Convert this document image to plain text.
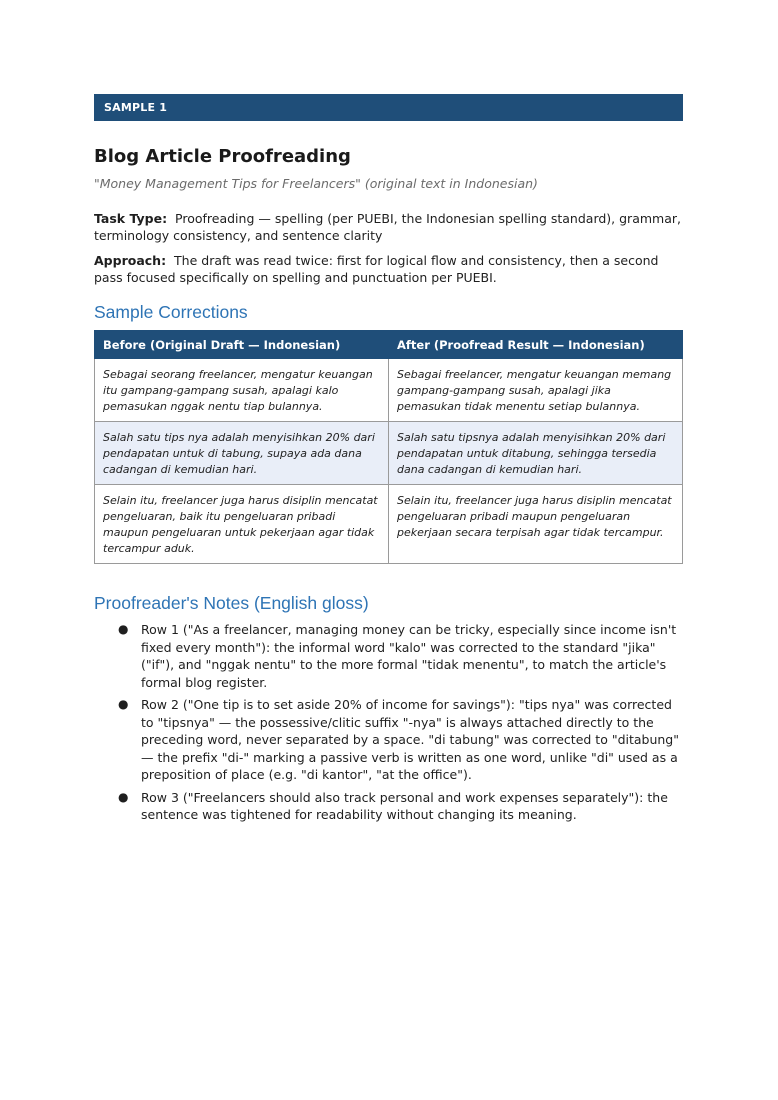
SAMPLE 1
Blog Article Proofreading

"Money Management Tips for Freelancers" (original text in Indonesian)

Task Type: Proofreading — spelling (per PUEBI, the Indonesian spelling standard), grammar, terminology consistency, and sentence clarity

Approach: The draft was read twice: first for logical flow and consistency, then a second pass focused specifically on spelling and punctuation per PUEBI.

Sample Corrections
Before (Original Draft — Indonesian)	After (Proofread Result — Indonesian)
Sebagai seorang freelancer, mengatur keuangan itu gampang-gampang susah, apalagi kalo pemasukan nggak nentu tiap bulannya.	Sebagai freelancer, mengatur keuangan memang gampang-gampang susah, apalagi jika pemasukan tidak menentu setiap bulannya.
Salah satu tips nya adalah menyisihkan 20% dari pendapatan untuk di tabung, supaya ada dana cadangan di kemudian hari.	Salah satu tipsnya adalah menyisihkan 20% dari pendapatan untuk ditabung, sehingga tersedia dana cadangan di kemudian hari.
Selain itu, freelancer juga harus disiplin mencatat pengeluaran, baik itu pengeluaran pribadi maupun pengeluaran untuk pekerjaan agar tidak tercampur aduk.	Selain itu, freelancer juga harus disiplin mencatat pengeluaran pribadi maupun pengeluaran pekerjaan secara terpisah agar tidak tercampur.
Proofreader's Notes (English gloss)
● Row 1 ("As a freelancer, managing money can be tricky, especially since income isn't fixed every month"): the informal word "kalo" was corrected to the standard "jika" ("if"), and "nggak nentu" to the more formal "tidak menentu", to match the article's formal blog register.
● Row 2 ("One tip is to set aside 20% of income for savings"): "tips nya" was corrected to "tipsnya" — the possessive/clitic suffix "-nya" is always attached directly to the preceding word, never separated by a space. "di tabung" was corrected to "ditabung" — the prefix "di-" marking a passive verb is written as one word, unlike "di" used as a preposition of place (e.g. "di kantor", "at the office").
● Row 3 ("Freelancers should also track personal and work expenses separately"): the sentence was tightened for readability without changing its meaning.
